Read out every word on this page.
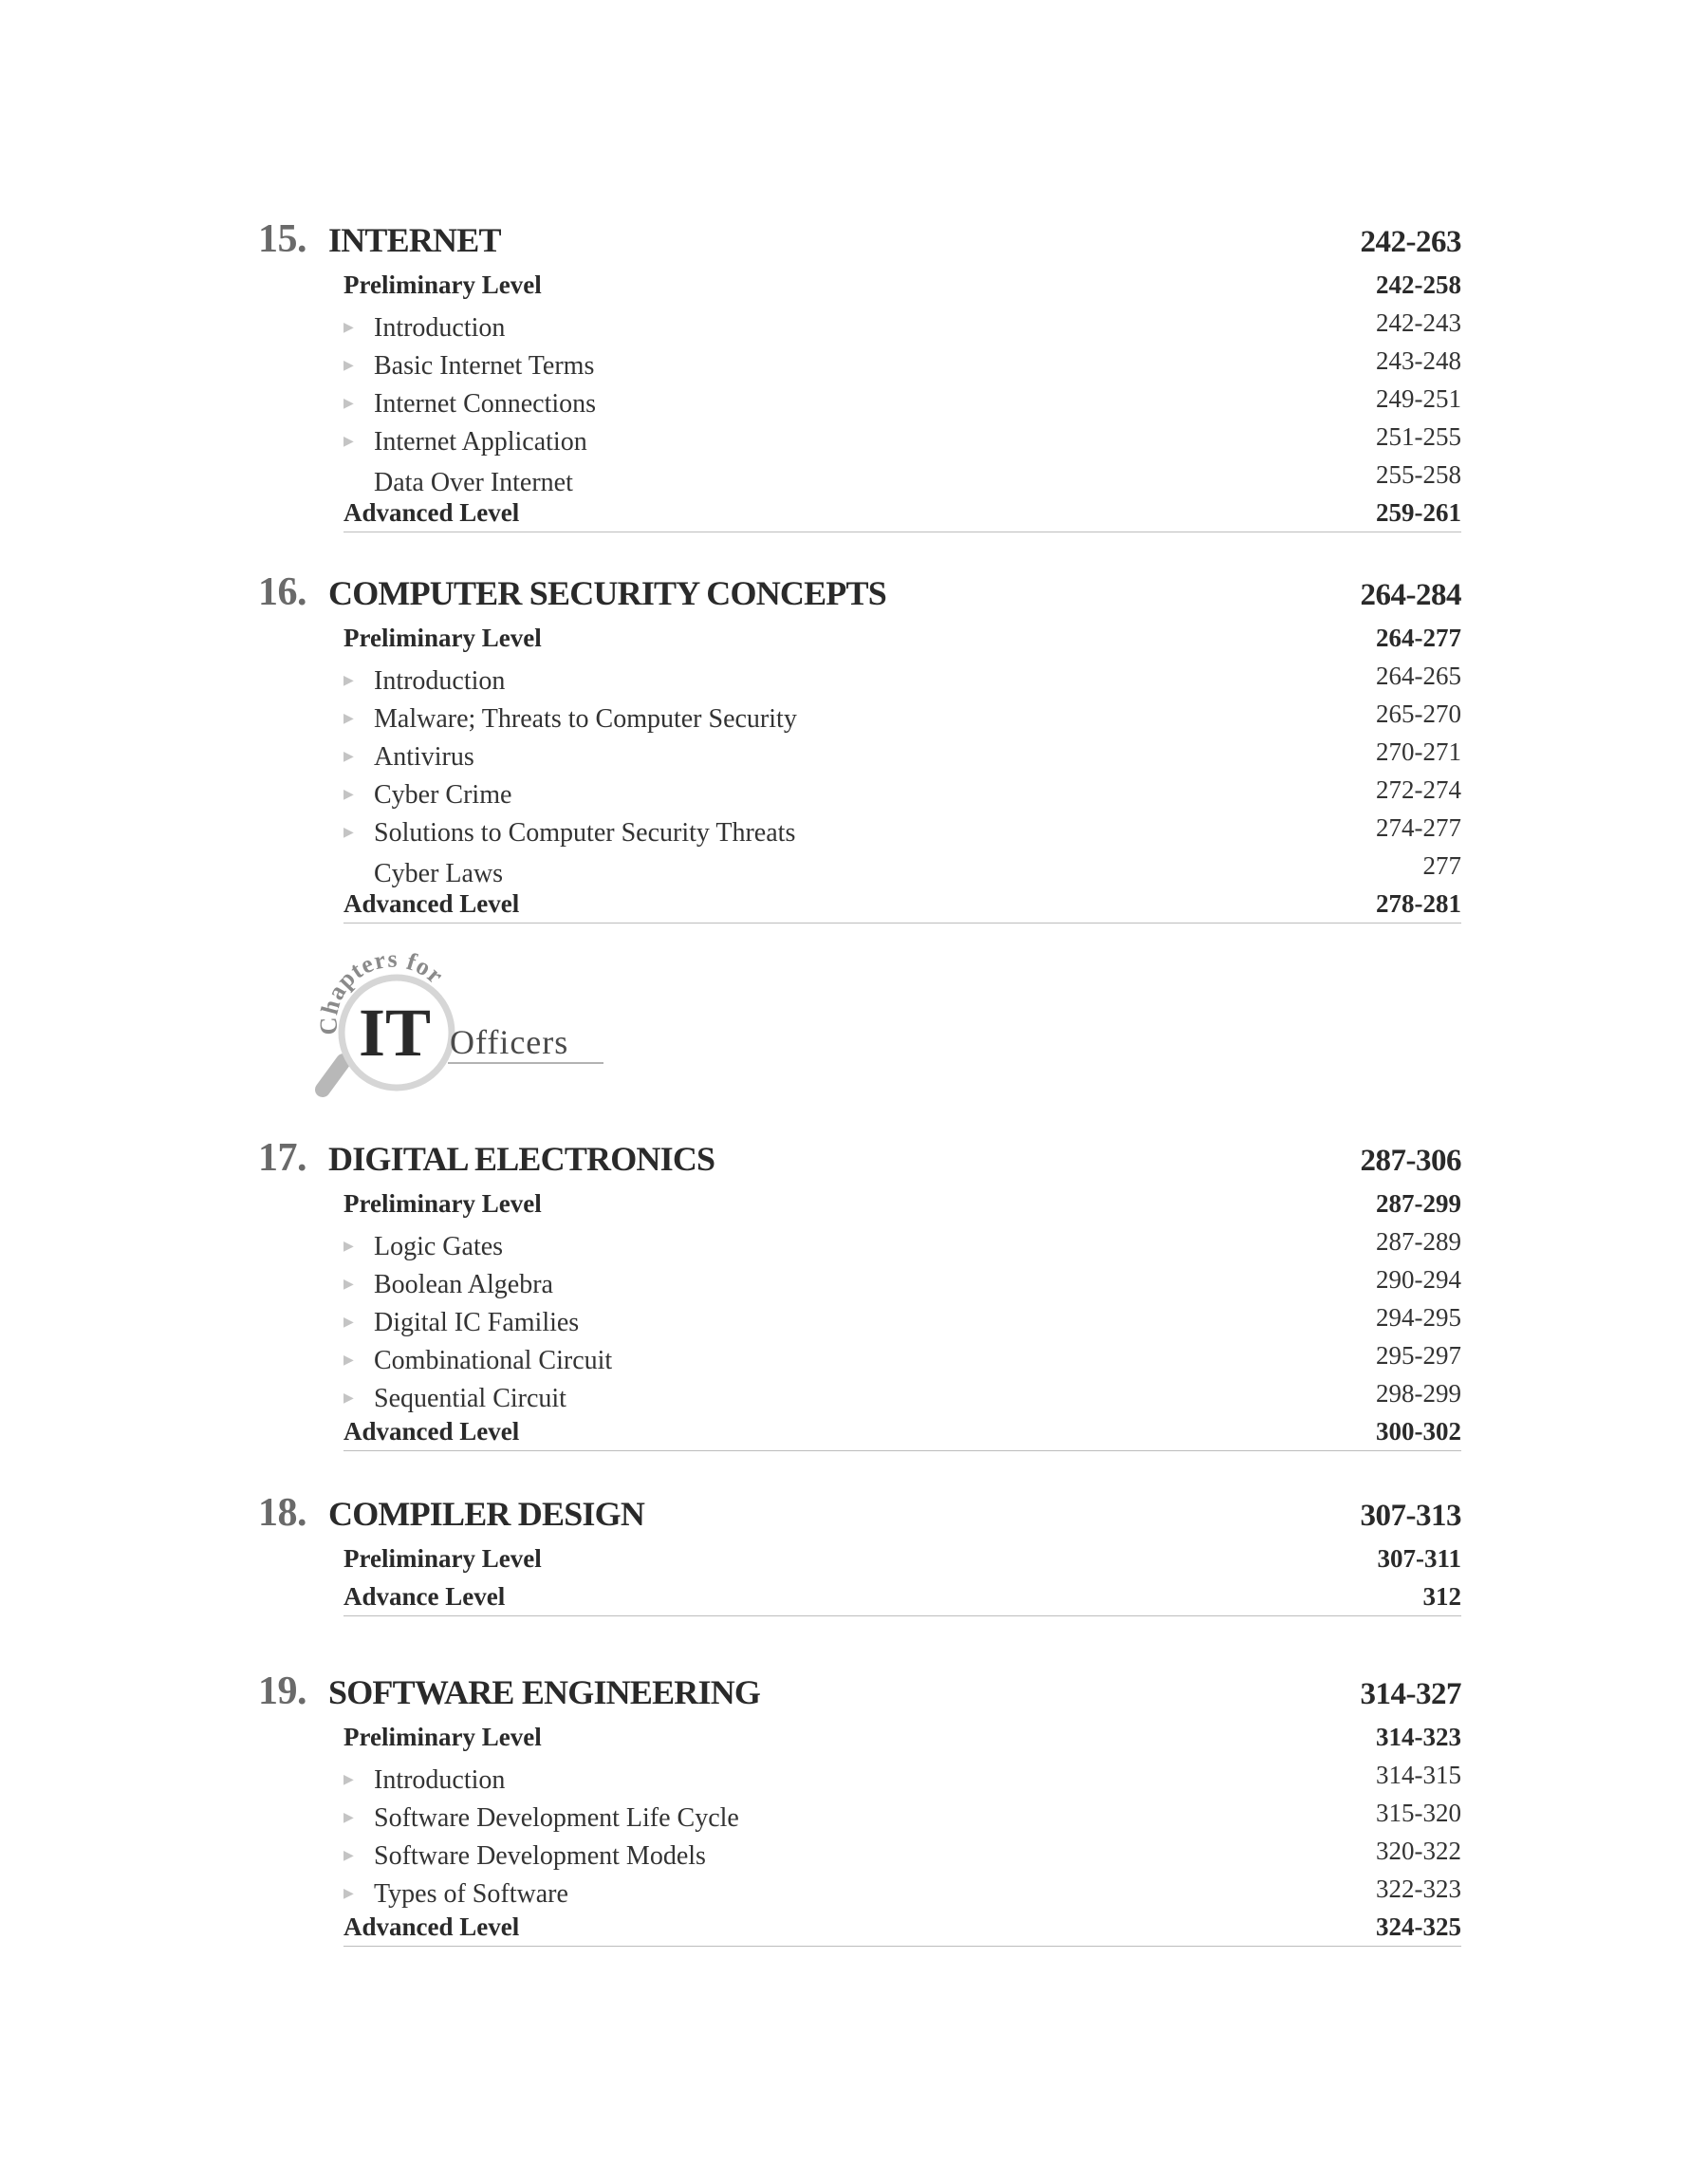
15. INTERNET	242-263
Preliminary Level	242-258
▶ Introduction	242-243
▶ Basic Internet Terms	243-248
▶ Internet Connections	249-251
▶ Internet Application	251-255
Data Over Internet	255-258
Advanced Level	259-261
16. COMPUTER SECURITY CONCEPTS	264-284
Preliminary Level	264-277
▶ Introduction	264-265
▶ Malware; Threats to Computer Security	265-270
▶ Antivirus	270-271
▶ Cyber Crime	272-274
▶ Solutions to Computer Security Threats	274-277
Cyber Laws	277
Advanced Level	278-281
17. DIGITAL ELECTRONICS	287-306
Preliminary Level	287-299
▶ Logic Gates	287-289
▶ Boolean Algebra	290-294
▶ Digital IC Families	294-295
▶ Combinational Circuit	295-297
▶ Sequential Circuit	298-299
Advanced Level	300-302
18. COMPILER DESIGN	307-313
Preliminary Level	307-311
Advance Level	312
19. SOFTWARE ENGINEERING	314-327
Preliminary Level	314-323
▶ Introduction	314-315
▶ Software Development Life Cycle	315-320
▶ Software Development Models	320-322
▶ Types of Software	322-323
Advanced Level	324-325
Chapters for
IT Officers
